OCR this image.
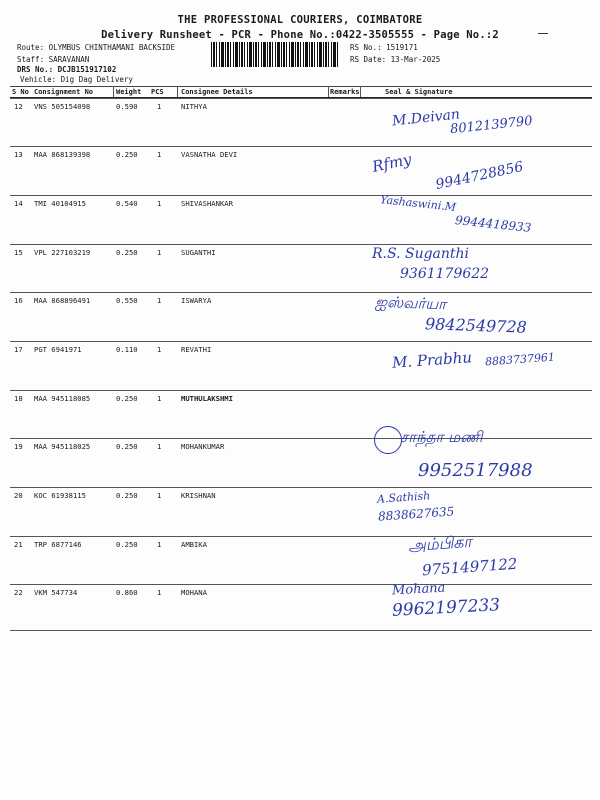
THE PROFESSIONAL COURIERS, COIMBATORE
Delivery Runsheet - PCR - Phone No.:0422-3505555 - Page No.:2
Route: OLYMBUS CHINTHAMANI BACKSIDE
Staff: SARAVANAN
DRS No.: DCJB151917102
Vehicle: Dig Dag Delivery
RS No.: 1519171
RS Date: 13-Mar-2025
S No Consignment No	Weight PCS Consignee Details	Remarks	Seal & Signature
12 VNS 505154098	0.590	1	NITHYA	M.Deivan
8012139790
13 MAA 868139398	0.250	1	VASNATHA DEVI	Rfmy 9944728856
14 TMI 40104915	0.540	1	SHIVASHANKAR	Yashaswini.M
9944418933
15 VPL 227103219	0.250	1	SUGANTHI	R.S. Suganthi
9361179622
16 MAA 868896491	0.550	1	ISWARYA	ஐஸ்வர்யா
9842549728
17 PGT 6941971	0.110	1	REVATHI	M. Prabhu 8883737961
18 MAA 945118085	0.250	1	MUTHULAKSHMI
19 MAA 945118025	0.250	1	MOHANKUMAR
சாந்தா மணி
9952517988
20 KOC 61938115	0.250	1	KRISHNAN	A.Sathish
8838627635
21 TRP 6877146	0.250	1	AMBIKA	அம்பிகா
9751497122
22 VKM 547734	0.860	1	MOHANA	Mohana
9962197233
